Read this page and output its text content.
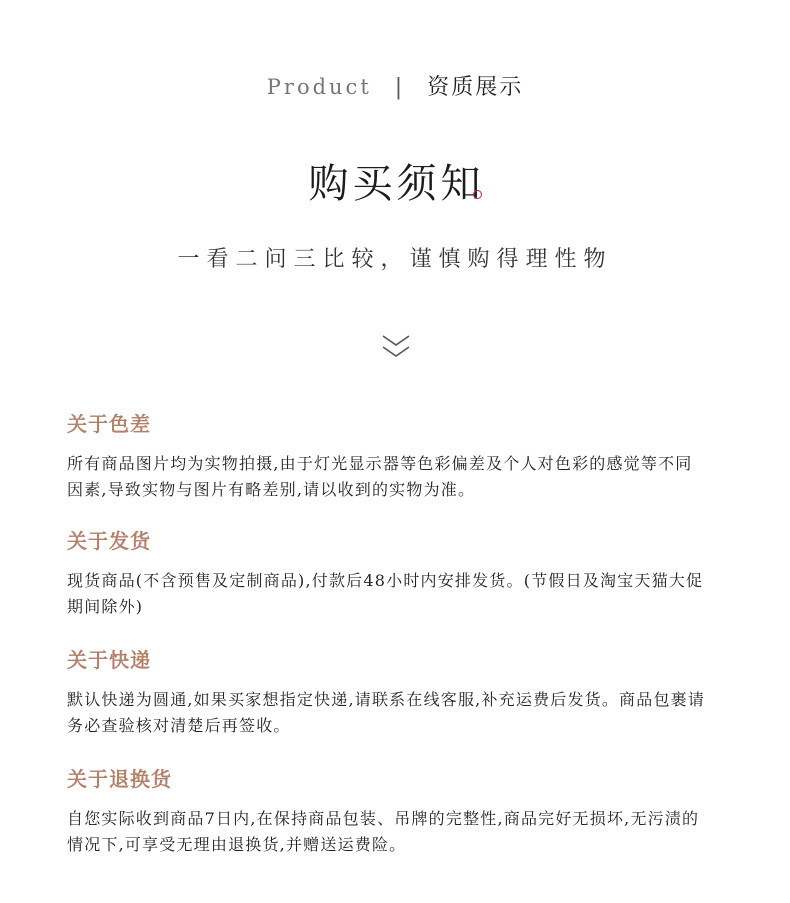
Product | 资质展示
购买须知
一看二问三比较，谨慎购得理性物

关于色差

所有商品图片均为实物拍摄,由于灯光显示器等色彩偏差及个人对色彩的感觉等不同因素,导致实物与图片有略差别,请以收到的实物为准。

关于发货

现货商品(不含预售及定制商品),付款后48小时内安排发货。(节假日及淘宝天猫大促期间除外)

关于快递

默认快递为圆通,如果买家想指定快递,请联系在线客服,补充运费后发货。商品包裹请务必查验核对清楚后再签收。

关于退换货

自您实际收到商品7日内,在保持商品包装、吊牌的完整性,商品完好无损坏,无污渍的情况下,可享受无理由退换货,并赠送运费险。
